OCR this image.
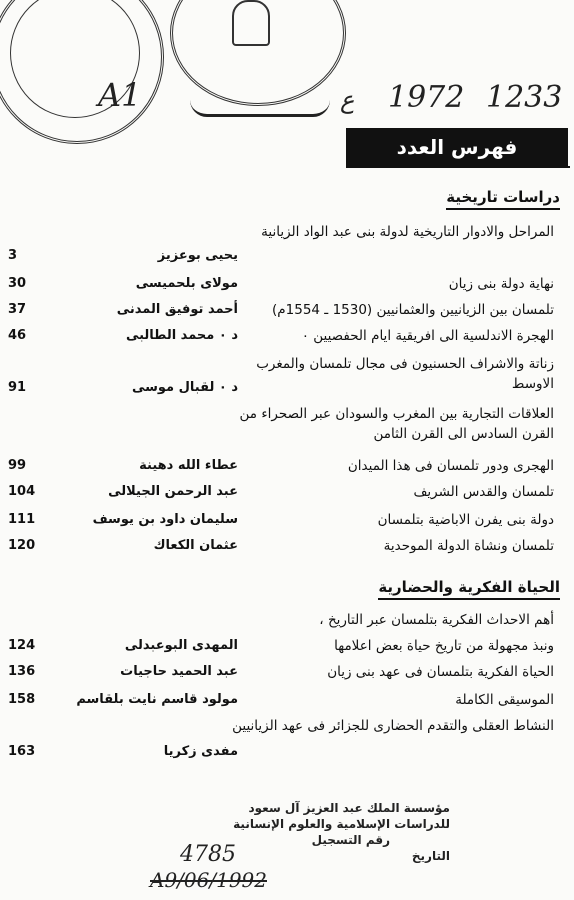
A1	ع 1972 1233
فهرس العدد
دراسات تاريخية
المراحل والادوار التاريخية لدولة بنى عبد الواد الزيانية
يحيى بوعزيز
3
نهاية دولة بنى زيان
مولاى بلحميسى
30
تلمسان بين الزيانيين والعثمانيين (1530 ـ 1554م)
أحمد توفيق المدنى
37
الهجرة الاندلسية الى افريقية ايام الحفصيين ٠
د ٠ محمد الطالبى
46
زناتة والاشراف الحسنيون فى مجال تلمسان والمغرب الاوسط
د ٠ لقبال موسى
91
العلاقات التجارية بين المغرب والسودان عبر الصحراء من القرن السادس الى القرن الثامن
الهجرى ودور تلمسان فى هذا الميدان
عطاء الله دهينة
99
تلمسان والقدس الشريف
عبد الرحمن الجيلالى
104
دولة بنى يفرن الاباضية بتلمسان
سليمان داود بن يوسف
111
تلمسان ونشاة الدولة الموحدية
عثمان الكعاك
120
الحياة الفكرية والحضارية
أهم الاحداث الفكرية بتلمسان عبر التاريخ ،
ونبذ مجهولة من تاريخ حياة بعض اعلامها
المهدى البوعبدلى
124
الحياة الفكرية بتلمسان فى عهد بنى زيان
عبد الحميد حاجيات
136
الموسيقى الكاملة
مولود قاسم نايت بلقاسم
158
النشاط العقلى والتقدم الحضارى للجزائر فى عهد الزيانيين
مفدى زكريا
163
مؤسسة الملك عبد العزيز آل سعود
للدراسات الإسلامية والعلوم الإنسانية
رقم التسجيل
التاريخ
4785
A9/06/1992
